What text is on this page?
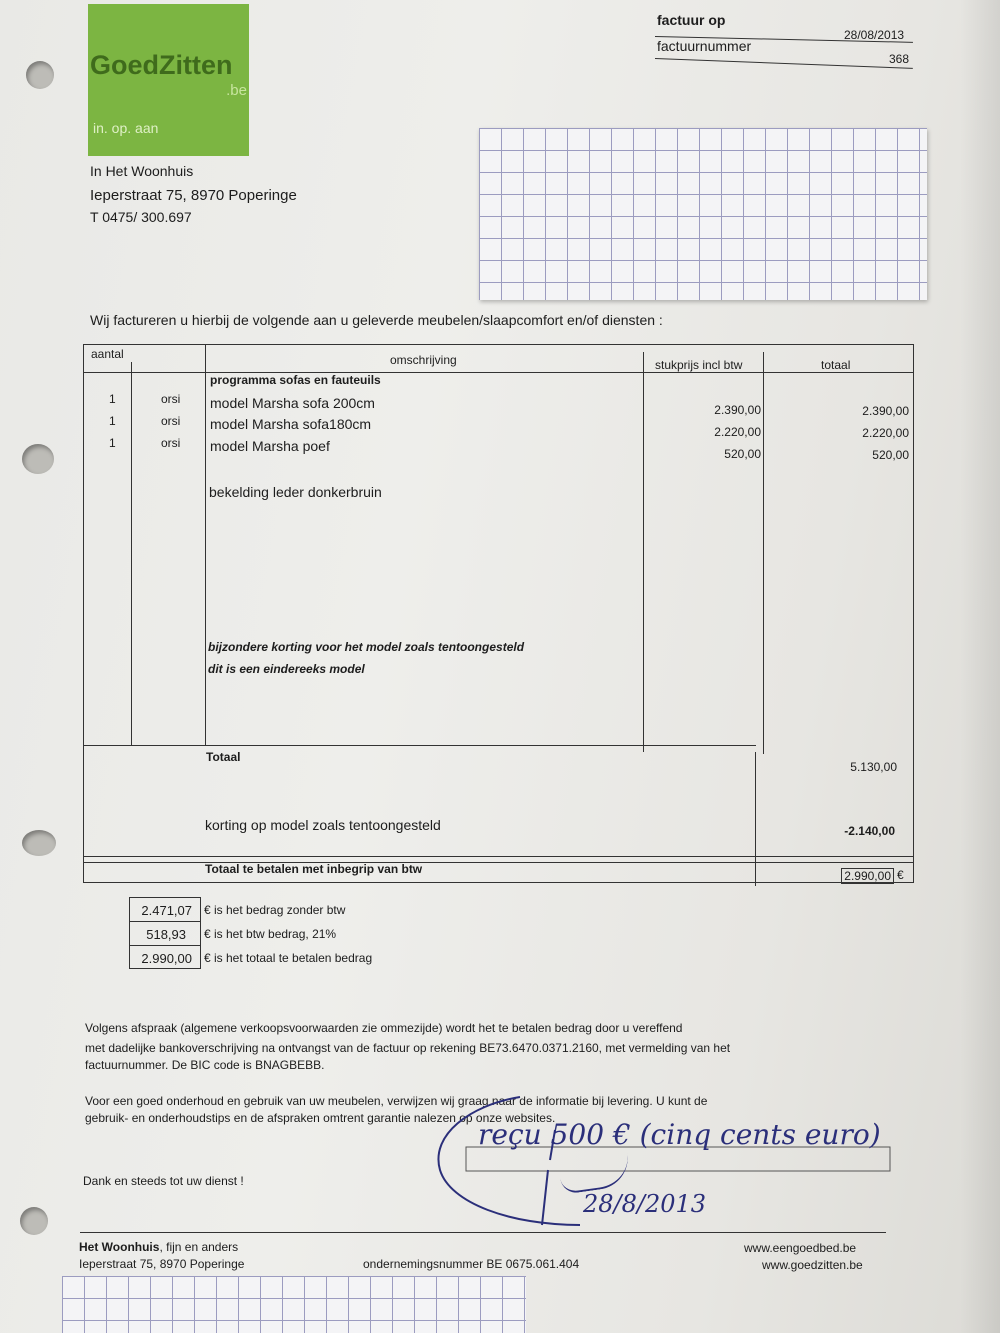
GoedZitten
.be
in. op. aan
In Het Woonhuis
Ieperstraat 75, 8970 Poperinge
T 0475/ 300.697
factuur op
28/08/2013
factuurnummer
368
Wij factureren u hierbij de volgende aan u geleverde meubelen/slaapcomfort en/of diensten :
aantal	omschrijving	stukprijs incl btw	totaal
programma sofas en fauteuils
1	orsi model Marsha sofa 200cm	2.390,00	2.390,00
1	orsi model Marsha sofa180cm	2.220,00	2.220,00
1	orsi model Marsha poef	520,00	520,00
bekelding leder donkerbruin
bijzondere korting voor het model zoals tentoongesteld
dit is een eindereeks model
Totaal
5.130,00
korting op model zoals tentoongesteld	-2.140,00
Totaal te betalen met inbegrip van btw	2.990,00 €
2.471,07 € is het bedrag zonder btw
518,93 € is het btw bedrag, 21%
2.990,00 € is het totaal te betalen bedrag
Volgens afspraak (algemene verkoopsvoorwaarden zie ommezijde) wordt het te betalen bedrag door u vereffend
met dadelijke bankoverschrijving na ontvangst van de factuur op rekening BE73.6470.0371.2160, met vermelding van het
factuurnummer. De BIC code is BNAGBEBB.
Voor een goed onderhoud en gebruik van uw meubelen, verwijzen wij graag naar de informatie bij levering. U kunt de
gebruik- en onderhoudstips en de afspraken omtrent garantie nalezen op onze websites.
Dank en steeds tot uw dienst !
reçu 500 € (cinq cents euro)
28/8/2013
Het Woonhuis, fijn en anders
Ieperstraat 75, 8970 Poperinge	ondernemingsnummer BE 0675.061.404
www.eengoedbed.be
www.goedzitten.be
